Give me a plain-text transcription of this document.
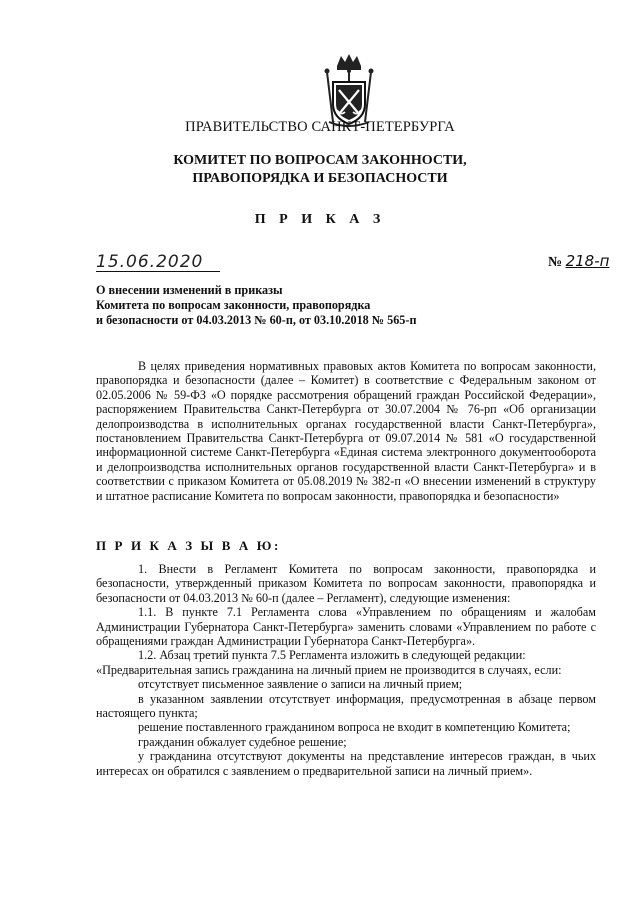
ПРАВИТЕЛЬСТВО САНКТ-ПЕТЕРБУРГА
КОМИТЕТ ПО ВОПРОСАМ ЗАКОННОСТИ,
ПРАВОПОРЯДКА И БЕЗОПАСНОСТИ
П Р И К А З
15.06.2020	№ 218-п
О внесении изменений в приказы
Комитета по вопросам законности, правопорядка
и безопасности от 04.03.2013 № 60-п, от 03.10.2018 № 565-п

В целях приведения нормативных правовых актов Комитета по вопросам законности, правопорядка и безопасности (далее – Комитет) в соответствие с Федеральным законом от 02.05.2006 № 59-ФЗ «О порядке рассмотрения обращений граждан Российской Федерации», распоряжением Правительства Санкт-Петербурга от 30.07.2004 № 76-рп «Об организации делопроизводства в исполнительных органах государственной власти Санкт-Петербурга», постановлением Правительства Санкт-Петербурга от 09.07.2014 № 581 «О государственной информационной системе Санкт-Петербурга «Единая система электронного документооборота и делопроизводства исполнительных органов государственной власти Санкт-Петербурга» и в соответствии с приказом Комитета от 05.08.2019 № 382-п «О внесении изменений в структуру и штатное расписание Комитета по вопросам законности, правопорядка и безопасности»

П Р И К А З Ы В А Ю:

1. Внести в Регламент Комитета по вопросам законности, правопорядка и безопасности, утвержденный приказом Комитета по вопросам законности, правопорядка и безопасности от 04.03.2013 № 60-п (далее – Регламент), следующие изменения:

1.1. В пункте 7.1 Регламента слова «Управлением по обращениям и жалобам Администрации Губернатора Санкт-Петербурга» заменить словами «Управлением по работе с обращениями граждан Администрации Губернатора Санкт-Петербурга».

1.2. Абзац третий пункта 7.5 Регламента изложить в следующей редакции:

«Предварительная запись гражданина на личный прием не производится в случаях, если:

отсутствует письменное заявление о записи на личный прием;

в указанном заявлении отсутствует информация, предусмотренная в абзаце первом настоящего пункта;

решение поставленного гражданином вопроса не входит в компетенцию Комитета;

гражданин обжалует судебное решение;

у гражданина отсутствуют документы на представление интересов граждан, в чьих интересах он обратился с заявлением о предварительной записи на личный прием».
